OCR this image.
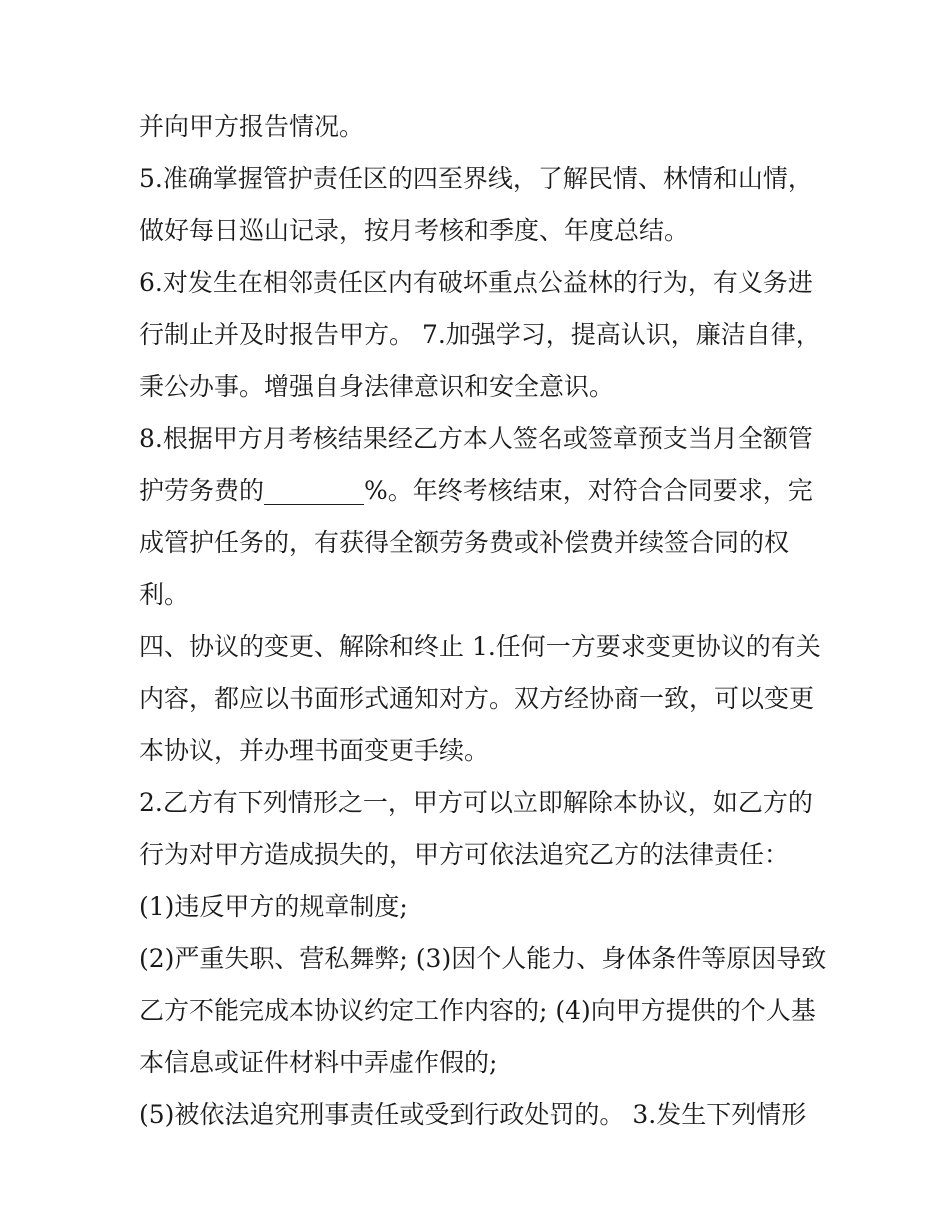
并向甲方报告情况。
5.准确掌握管护责任区的四至界线，了解民情、林情和山情，
做好每日巡山记录，按月考核和季度、年度总结。
6.对发生在相邻责任区内有破坏重点公益林的行为，有义务进
行制止并及时报告甲方。 7.加强学习，提高认识，廉洁自律，
秉公办事。增强自身法律意识和安全意识。
8.根据甲方月考核结果经乙方本人签名或签章预支当月全额管
护劳务费的________%。年终考核结束，对符合合同要求，完
成管护任务的，有获得全额劳务费或补偿费并续签合同的权
利。
四、协议的变更、解除和终止 1.任何一方要求变更协议的有关
内容，都应以书面形式通知对方。双方经协商一致，可以变更
本协议，并办理书面变更手续。
2.乙方有下列情形之一，甲方可以立即解除本协议，如乙方的
行为对甲方造成损失的，甲方可依法追究乙方的法律责任：
(1)违反甲方的规章制度;
(2)严重失职、营私舞弊; (3)因个人能力、身体条件等原因导致
乙方不能完成本协议约定工作内容的; (4)向甲方提供的个人基
本信息或证件材料中弄虚作假的;
(5)被依法追究刑事责任或受到行政处罚的。 3.发生下列情形
